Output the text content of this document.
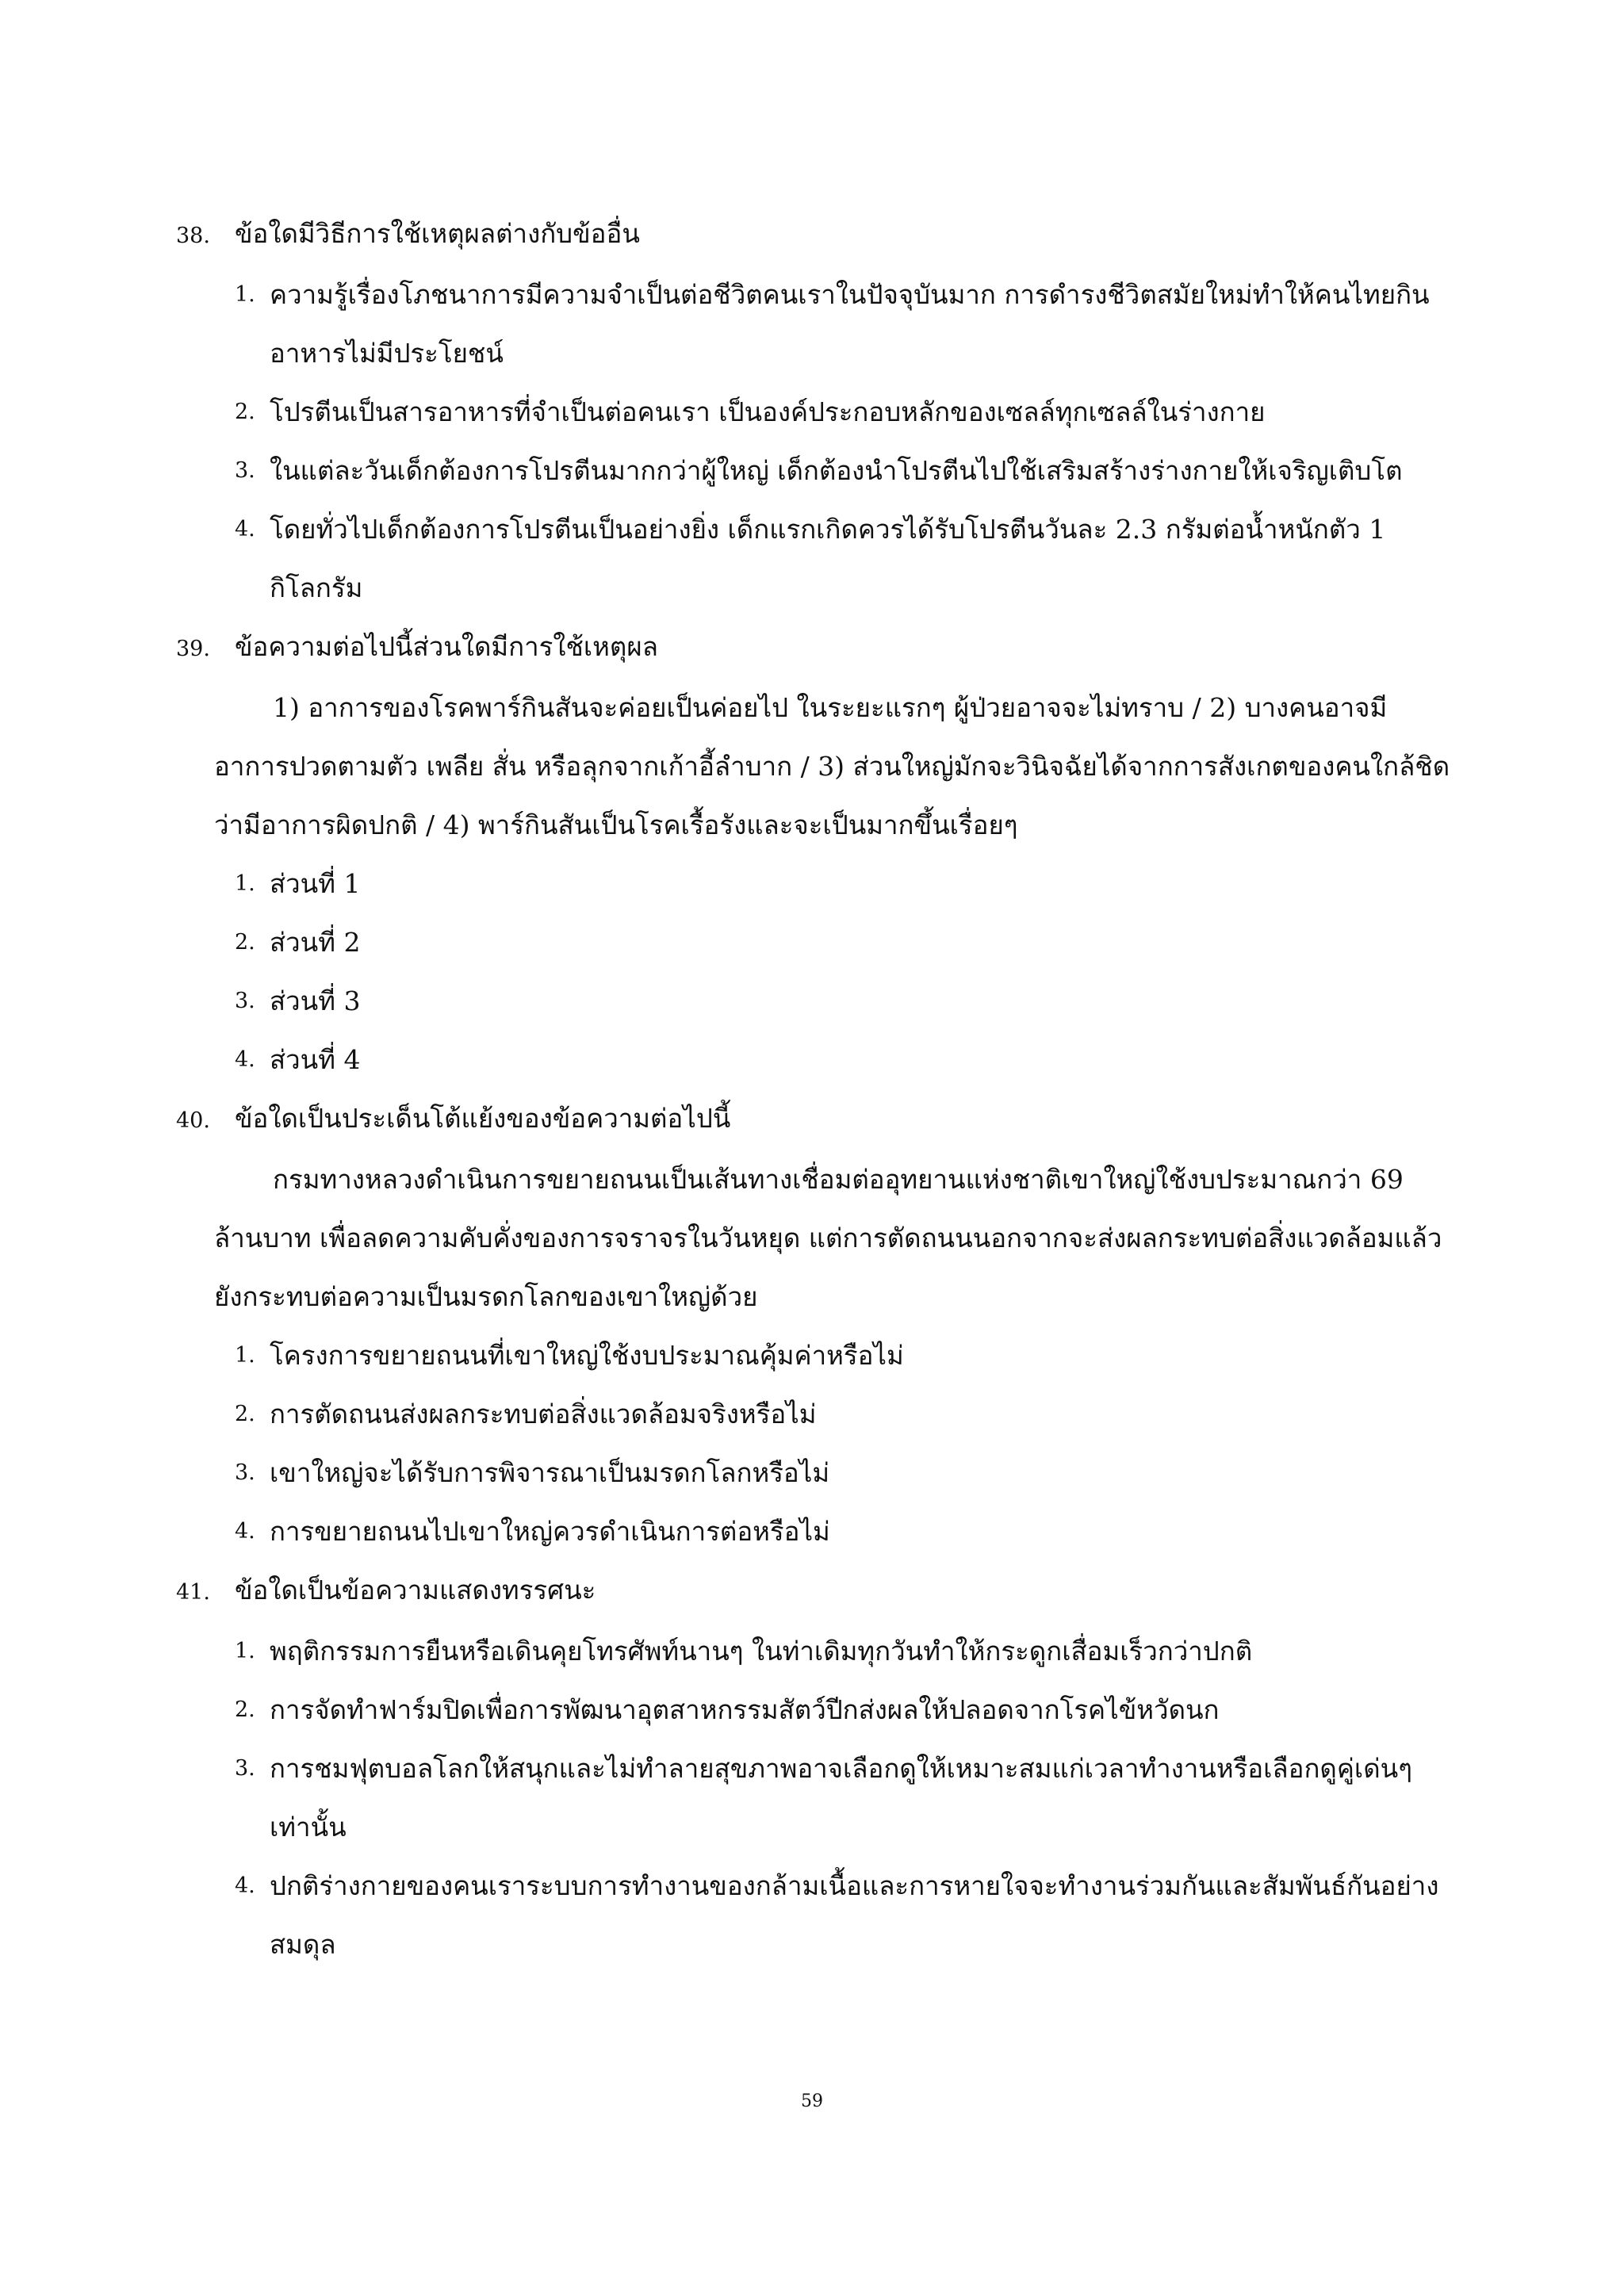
38. ข้อใดมีวิธีการใช้เหตุผลต่างกับข้ออื่น
1. ความรู้เรื่องโภชนาการมีความจำเป็นต่อชีวิตคนเราในปัจจุบันมาก การดำรงชีวิตสมัยใหม่ทำให้คนไทยกินอาหารไม่มีประโยชน์
2. โปรตีนเป็นสารอาหารที่จำเป็นต่อคนเรา เป็นองค์ประกอบหลักของเซลล์ทุกเซลล์ในร่างกาย
3. ในแต่ละวันเด็กต้องการโปรตีนมากกว่าผู้ใหญ่ เด็กต้องนำโปรตีนไปใช้เสริมสร้างร่างกายให้เจริญเติบโต
4. โดยทั่วไปเด็กต้องการโปรตีนเป็นอย่างยิ่ง เด็กแรกเกิดควรได้รับโปรตีนวันละ 2.3 กรัมต่อน้ำหนักตัว 1 กิโลกรัม
39. ข้อความต่อไปนี้ส่วนใดมีการใช้เหตุผล

1) อาการของโรคพาร์กินสันจะค่อยเป็นค่อยไป ในระยะแรกๆ ผู้ป่วยอาจจะไม่ทราบ / 2) บางคนอาจมีอาการปวดตามตัว เพลีย สั่น หรือลุกจากเก้าอี้ลำบาก / 3) ส่วนใหญ่มักจะวินิจฉัยได้จากการสังเกตของคนใกล้ชิดว่ามีอาการผิดปกติ / 4) พาร์กินสันเป็นโรคเรื้อรังและจะเป็นมากขึ้นเรื่อยๆ

1. ส่วนที่ 1
2. ส่วนที่ 2
3. ส่วนที่ 3
4. ส่วนที่ 4
40. ข้อใดเป็นประเด็นโต้แย้งของข้อความต่อไปนี้

กรมทางหลวงดำเนินการขยายถนนเป็นเส้นทางเชื่อมต่ออุทยานแห่งชาติเขาใหญ่ใช้งบประมาณกว่า 69 ล้านบาท เพื่อลดความคับคั่งของการจราจรในวันหยุด แต่การตัดถนนนอกจากจะส่งผลกระทบต่อสิ่งแวดล้อมแล้วยังกระทบต่อความเป็นมรดกโลกของเขาใหญ่ด้วย

1. โครงการขยายถนนที่เขาใหญ่ใช้งบประมาณคุ้มค่าหรือไม่
2. การตัดถนนส่งผลกระทบต่อสิ่งแวดล้อมจริงหรือไม่
3. เขาใหญ่จะได้รับการพิจารณาเป็นมรดกโลกหรือไม่
4. การขยายถนนไปเขาใหญ่ควรดำเนินการต่อหรือไม่
41. ข้อใดเป็นข้อความแสดงทรรศนะ
1. พฤติกรรมการยืนหรือเดินคุยโทรศัพท์นานๆ ในท่าเดิมทุกวันทำให้กระดูกเสื่อมเร็วกว่าปกติ
2. การจัดทำฟาร์มปิดเพื่อการพัฒนาอุตสาหกรรมสัตว์ปีกส่งผลให้ปลอดจากโรคไข้หวัดนก
3. การชมฟุตบอลโลกให้สนุกและไม่ทำลายสุขภาพอาจเลือกดูให้เหมาะสมแก่เวลาทำงานหรือเลือกดูคู่เด่นๆ เท่านั้น
4. ปกติร่างกายของคนเราระบบการทำงานของกล้ามเนื้อและการหายใจจะทำงานร่วมกันและสัมพันธ์กันอย่างสมดุล
59
